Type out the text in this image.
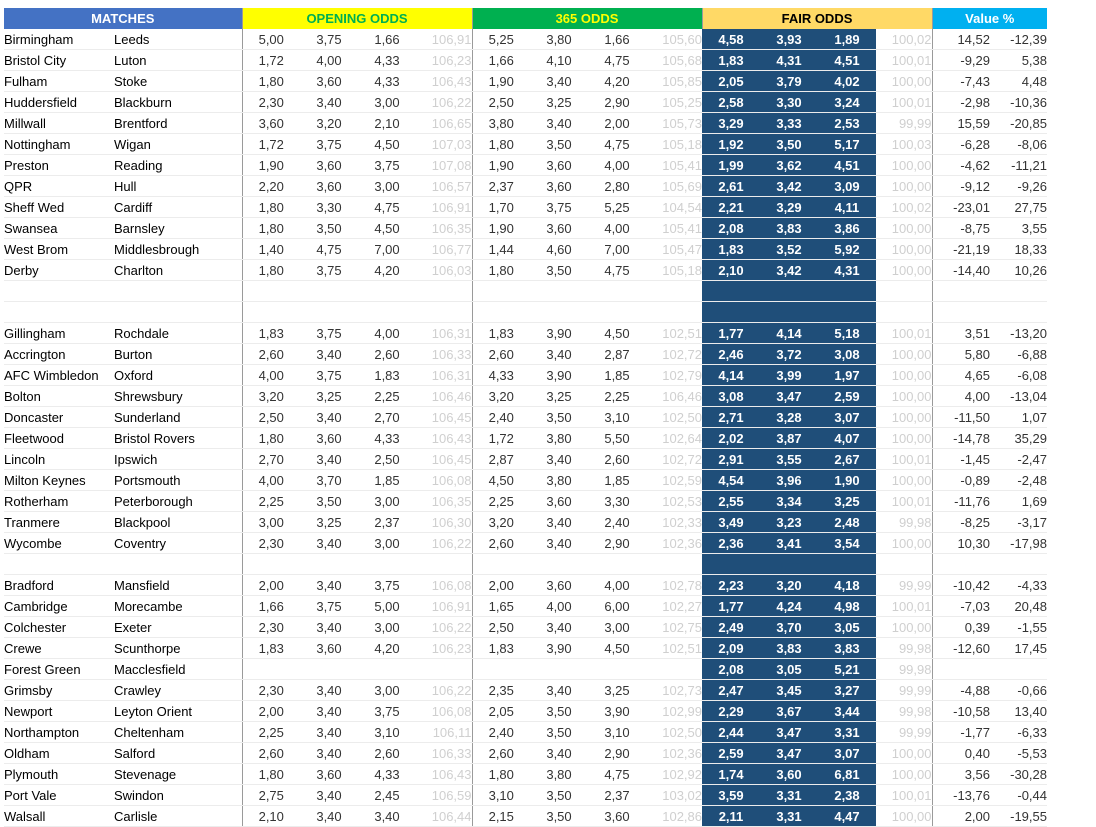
MATCHES		OPENING ODDS				365 ODDS				FAIR ODDS				Value %	
Birmingham	Leeds	5,00	3,75	1,66	106,91	5,25	3,80	1,66	105,60	4,58	3,93	1,89	100,02	14,52	-12,39
Bristol City	Luton	1,72	4,00	4,33	106,23	1,66	4,10	4,75	105,68	1,83	4,31	4,51	100,01	-9,29	5,38
Fulham	Stoke	1,80	3,60	4,33	106,43	1,90	3,40	4,20	105,85	2,05	3,79	4,02	100,00	-7,43	4,48
Huddersfield	Blackburn	2,30	3,40	3,00	106,22	2,50	3,25	2,90	105,25	2,58	3,30	3,24	100,01	-2,98	-10,36
Millwall	Brentford	3,60	3,20	2,10	106,65	3,80	3,40	2,00	105,73	3,29	3,33	2,53	99,99	15,59	-20,85
Nottingham	Wigan	1,72	3,75	4,50	107,03	1,80	3,50	4,75	105,18	1,92	3,50	5,17	100,03	-6,28	-8,06
Preston	Reading	1,90	3,60	3,75	107,08	1,90	3,60	4,00	105,41	1,99	3,62	4,51	100,00	-4,62	-11,21
QPR	Hull	2,20	3,60	3,00	106,57	2,37	3,60	2,80	105,69	2,61	3,42	3,09	100,00	-9,12	-9,26
Sheff Wed	Cardiff	1,80	3,30	4,75	106,91	1,70	3,75	5,25	104,54	2,21	3,29	4,11	100,02	-23,01	27,75
Swansea	Barnsley	1,80	3,50	4,50	106,35	1,90	3,60	4,00	105,41	2,08	3,83	3,86	100,00	-8,75	3,55
West Brom	Middlesbrough	1,40	4,75	7,00	106,77	1,44	4,60	7,00	105,47	1,83	3,52	5,92	100,00	-21,19	18,33
Derby	Charlton	1,80	3,75	4,20	106,03	1,80	3,50	4,75	105,18	2,10	3,42	4,31	100,00	-14,40	10,26

Gillingham	Rochdale	1,83	3,75	4,00	106,31	1,83	3,90	4,50	102,51	1,77	4,14	5,18	100,01	3,51	-13,20
Accrington	Burton	2,60	3,40	2,60	106,33	2,60	3,40	2,87	102,72	2,46	3,72	3,08	100,00	5,80	-6,88
AFC Wimbledon	Oxford	4,00	3,75	1,83	106,31	4,33	3,90	1,85	102,79	4,14	3,99	1,97	100,00	4,65	-6,08
Bolton	Shrewsbury	3,20	3,25	2,25	106,46	3,20	3,25	2,25	106,46	3,08	3,47	2,59	100,00	4,00	-13,04
Doncaster	Sunderland	2,50	3,40	2,70	106,45	2,40	3,50	3,10	102,50	2,71	3,28	3,07	100,00	-11,50	1,07
Fleetwood	Bristol Rovers	1,80	3,60	4,33	106,43	1,72	3,80	5,50	102,64	2,02	3,87	4,07	100,00	-14,78	35,29
Lincoln	Ipswich	2,70	3,40	2,50	106,45	2,87	3,40	2,60	102,72	2,91	3,55	2,67	100,01	-1,45	-2,47
Milton Keynes	Portsmouth	4,00	3,70	1,85	106,08	4,50	3,80	1,85	102,59	4,54	3,96	1,90	100,00	-0,89	-2,48
Rotherham	Peterborough	2,25	3,50	3,00	106,35	2,25	3,60	3,30	102,53	2,55	3,34	3,25	100,01	-11,76	1,69
Tranmere	Blackpool	3,00	3,25	2,37	106,30	3,20	3,40	2,40	102,33	3,49	3,23	2,48	99,98	-8,25	-3,17
Wycombe	Coventry	2,30	3,40	3,00	106,22	2,60	3,40	2,90	102,36	2,36	3,41	3,54	100,00	10,30	-17,98

Bradford	Mansfield	2,00	3,40	3,75	106,08	2,00	3,60	4,00	102,78	2,23	3,20	4,18	99,99	-10,42	-4,33
Cambridge	Morecambe	1,66	3,75	5,00	106,91	1,65	4,00	6,00	102,27	1,77	4,24	4,98	100,01	-7,03	20,48
Colchester	Exeter	2,30	3,40	3,00	106,22	2,50	3,40	3,00	102,75	2,49	3,70	3,05	100,00	0,39	-1,55
Crewe	Scunthorpe	1,83	3,60	4,20	106,23	1,83	3,90	4,50	102,51	2,09	3,83	3,83	99,98	-12,60	17,45
Forest Green	Macclesfield									2,08	3,05	5,21	99,98		
Grimsby	Crawley	2,30	3,40	3,00	106,22	2,35	3,40	3,25	102,73	2,47	3,45	3,27	99,99	-4,88	-0,66
Newport	Leyton Orient	2,00	3,40	3,75	106,08	2,05	3,50	3,90	102,99	2,29	3,67	3,44	99,98	-10,58	13,40
Northampton	Cheltenham	2,25	3,40	3,10	106,11	2,40	3,50	3,10	102,50	2,44	3,47	3,31	99,99	-1,77	-6,33
Oldham	Salford	2,60	3,40	2,60	106,33	2,60	3,40	2,90	102,36	2,59	3,47	3,07	100,00	0,40	-5,53
Plymouth	Stevenage	1,80	3,60	4,33	106,43	1,80	3,80	4,75	102,92	1,74	3,60	6,81	100,00	3,56	-30,28
Port Vale	Swindon	2,75	3,40	2,45	106,59	3,10	3,50	2,37	103,02	3,59	3,31	2,38	100,01	-13,76	-0,44
Walsall	Carlisle	2,10	3,40	3,40	106,44	2,15	3,50	3,60	102,86	2,11	3,31	4,47	100,00	2,00	-19,55
